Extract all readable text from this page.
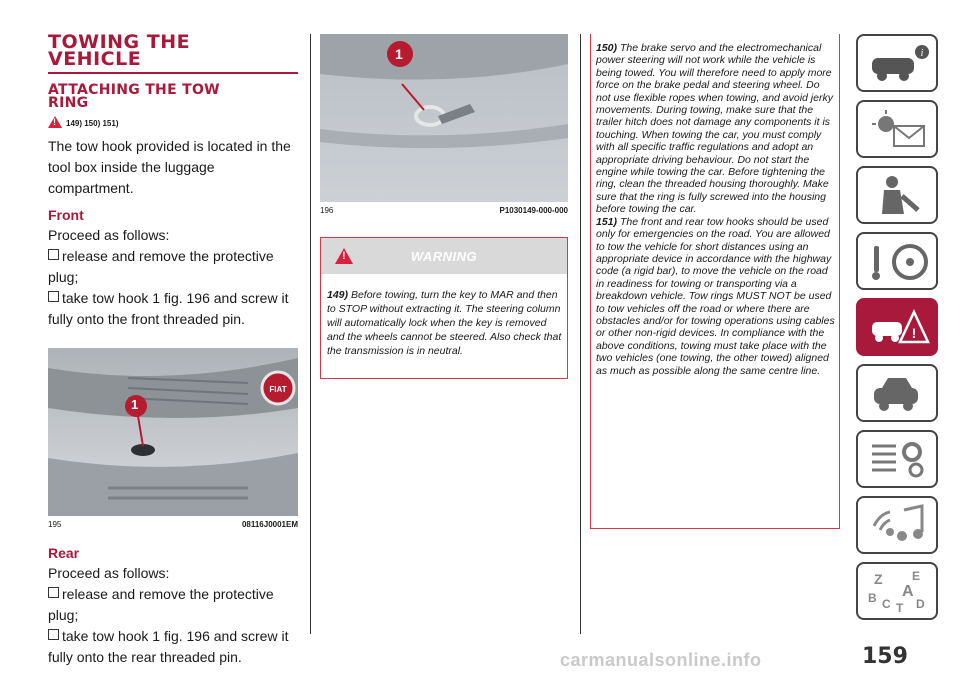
TOWING THE VEHICLE
ATTACHING THE TOW RING
!
149) 150) 151)

The tow hook provided is located in the tool box inside the luggage compartment.

Front

Proceed as follows:

release and remove the protective plug;

take tow hook 1 fig. 196 and screw it fully onto the front threaded pin.

FIAT
1
195	08116J0001EM

Rear

Proceed as follows:

release and remove the protective plug;

take tow hook 1 fig. 196 and screw it fully onto the rear threaded pin.

1
196	P1030149-000-000
!
WARNING
149) Before towing, turn the key to MAR and then to STOP without extracting it. The steering column will automatically lock when the key is removed and the wheels cannot be steered. Also check that the transmission is in neutral.
150) The brake servo and the electromechanical power steering will not work while the vehicle is being towed. You will therefore need to apply more force on the brake pedal and steering wheel. Do not use flexible ropes when towing, and avoid jerky movements. During towing, make sure that the trailer hitch does not damage any components it is touching. When towing the car, you must comply with all specific traffic regulations and adopt an appropriate driving behaviour. Do not start the engine while towing the car. Before tightening the ring, clean the threaded housing thoroughly. Make sure that the ring is fully screwed into the housing before towing the car.
151) The front and rear tow hooks should be used only for emergencies on the road. You are allowed to tow the vehicle for short distances using an appropriate device in accordance with the highway code (a rigid bar), to move the vehicle on the road in readiness for towing or transporting via a breakdown vehicle. Tow rings MUST NOT be used to tow vehicles off the road or where there are obstacles and/or for towing operations using cables or other non-rigid devices. In compliance with the above conditions, towing must take place with the two vehicles (one towing, the other towed) aligned as much as possible along the same centre line.
i
!
Z E
B A
C D
T
159
carmanualsonline.info
